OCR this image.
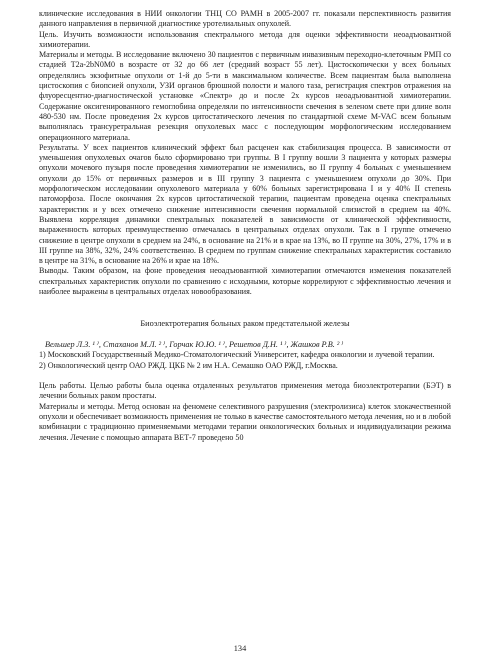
клинические исследования в НИИ онкологии ТНЦ СО РАМН в 2005-2007 гг. показали перспективность развития данного направления в первичной диагностике уротелиальных опухолей.

Цель. Изучить возможности использования спектрального метода для оценки эффективности неоадъювантной химиотерапии.

Материалы и методы. В исследование включено 30 пациентов с первичным инвазивным переходно-клеточным РМП со стадией T2a-2bN0M0 в возрасте от 32 до 66 лет (средний возраст 55 лет). Цистоскопически у всех больных определялись экзофитные опухоли от 1-й до 5-ти в максимальном количестве. Всем пациентам была выполнена цистоскопия с биопсией опухоли, УЗИ органов брюшной полости и малого таза, регистрация спектров отражения на флуоресцентно-диагностической установке «Спектр» до и после 2х курсов неоадъювантной химиотерапии. Содержание оксигенированного гемоглобина определяли по интенсивности свечения в зеленом свете при длине волн 480-530 нм. После проведения 2х курсов цитостатического лечения по стандартной схеме M-VAC всем больным выполнялась трансуретральная резекция опухолевых масс с последующим морфологическим исследованием операционного материала.

Результаты. У всех пациентов клинический эффект был расценен как стабилизация процесса. В зависимости от уменьшения опухолевых очагов было сформировано три группы. В I группу вошли 3 пациента у которых размеры опухоли мочевого пузыря после проведения химиотерапии не изменились, во II группу 4 больных с уменьшением опухоли до 15% от первичных размеров и в III группу 3 пациента с уменьшением опухоли до 30%. При морфологическом исследовании опухолевого материала у 60% больных зарегистрирована I и у 40% II степень патоморфоза. После окончания 2х курсов цитостатической терапии, пациентам проведена оценка спектральных характеристик и у всех отмечено снижение интенсивности свечения нормальной слизистой в среднем на 40%. Выявлена корреляция динамики спектральных показателей в зависимости от клинической эффективности, выраженность которых преимущественно отмечалась в центральных отделах опухоли. Так в I группе отмечено снижение в центре опухоли в среднем на 24%, в основание на 21% и в крае на 13%, во II группе на 30%, 27%, 17% и в III группе на 38%, 32%, 24% соответственно. В среднем по группам снижение спектральных характеристик составило в центре на 31%, в основание на 26% и крае на 18%.

Выводы. Таким образом, на фоне проведения неоадъювантной химиотерапии отмечаются изменения показателей спектральных характеристик опухоли по сравнению с исходными, которые коррелируют с эффективностью лечения и наиболее выражены в центральных отделах новообразования.

Биоэлектротерапия больных раком предстательной железы

Вельшер Л.З. ¹ ⁾, Стаханов М.Л. ² ⁾, Горчак Ю.Ю. ¹ ⁾, Решетов Д.Н. ¹ ⁾, Жашков Р.В. ² ⁾

1) Московский Государственный Медико-Стоматологический Университет, кафедра онкологии и лучевой терапии.

2) Онкологический центр ОАО РЖД. ЦКБ № 2 им Н.А. Семашко ОАО РЖД, г.Москва.

Цель работы. Целью работы была оценка отдаленных результатов применения метода биоэлектротерапии (БЭТ) в лечении больных раком простаты.

Материалы и методы. Метод основан на феномене селективного разрушения (электролизиса) клеток злокачественной опухоли и обеспечивает возможность применения не только в качестве самостоятельного метода лечения, но и в любой комбинации с традиционно применяемыми методами терапии онкологических больных и индивидуализации режима лечения. Лечение с помощью аппарата ВЕТ-7 проведено 50

134
